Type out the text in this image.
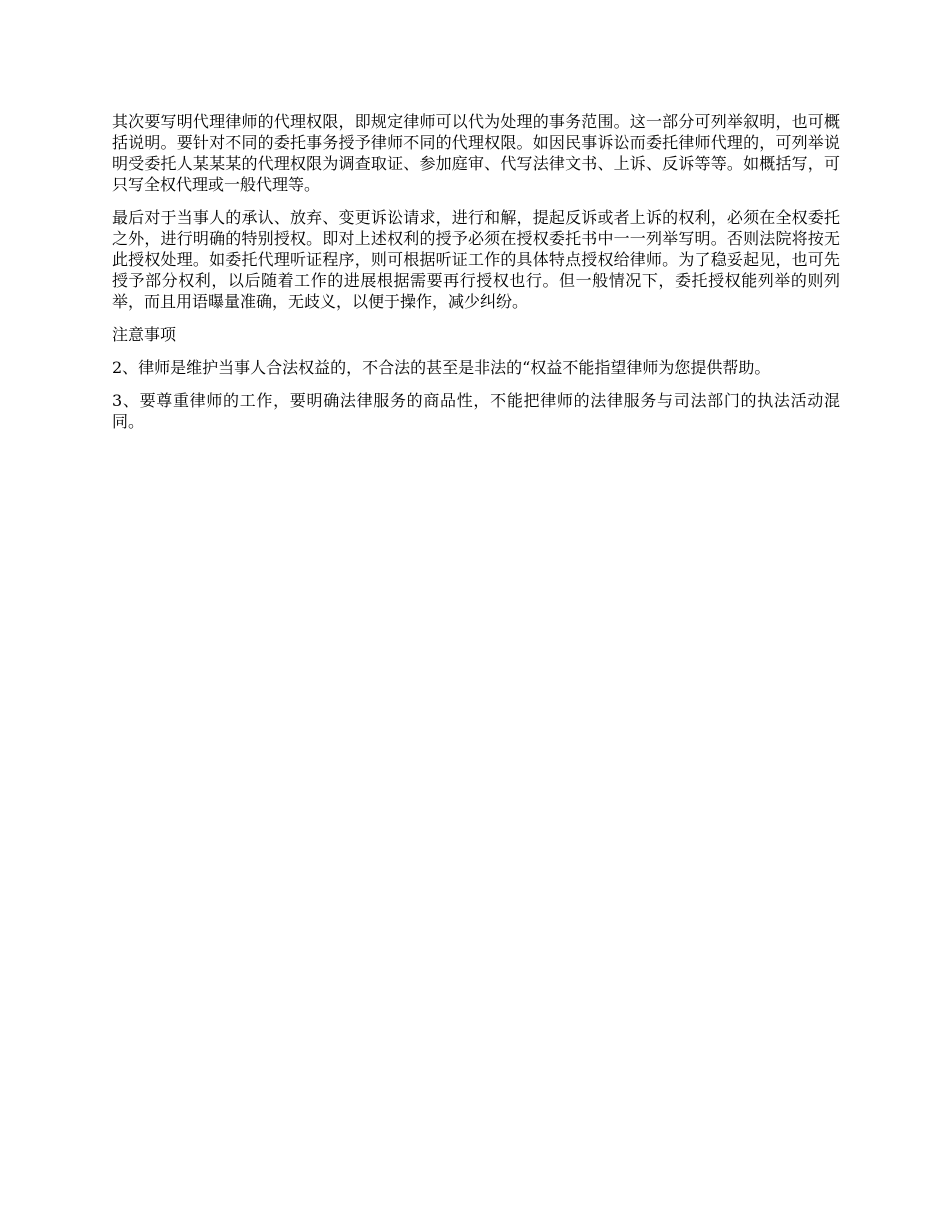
其次要写明代理律师的代理权限，即规定律师可以代为处理的事务范围。这一部分可列举叙明，也可概括说明。要针对不同的委托事务授予律师不同的代理权限。如因民事诉讼而委托律师代理的，可列举说明受委托人某某某的代理权限为调查取证、参加庭审、代写法律文书、上诉、反诉等等。如概括写，可只写全权代理或一般代理等。

最后对于当事人的承认、放弃、变更诉讼请求，进行和解，提起反诉或者上诉的权利，必须在全权委托之外，进行明确的特别授权。即对上述权利的授予必须在授权委托书中一一列举写明。否则法院将按无此授权处理。如委托代理听证程序，则可根据听证工作的具体特点授权给律师。为了稳妥起见，也可先授予部分权利，以后随着工作的进展根据需要再行授权也行。但一般情况下，委托授权能列举的则列举，而且用语曝量准确，无歧义，以便于操作，减少纠纷。

注意事项

2、律师是维护当事人合法权益的，不合法的甚至是非法的“权益不能指望律师为您提供帮助。

3、要尊重律师的工作，要明确法律服务的商品性，不能把律师的法律服务与司法部门的执法活动混同。
